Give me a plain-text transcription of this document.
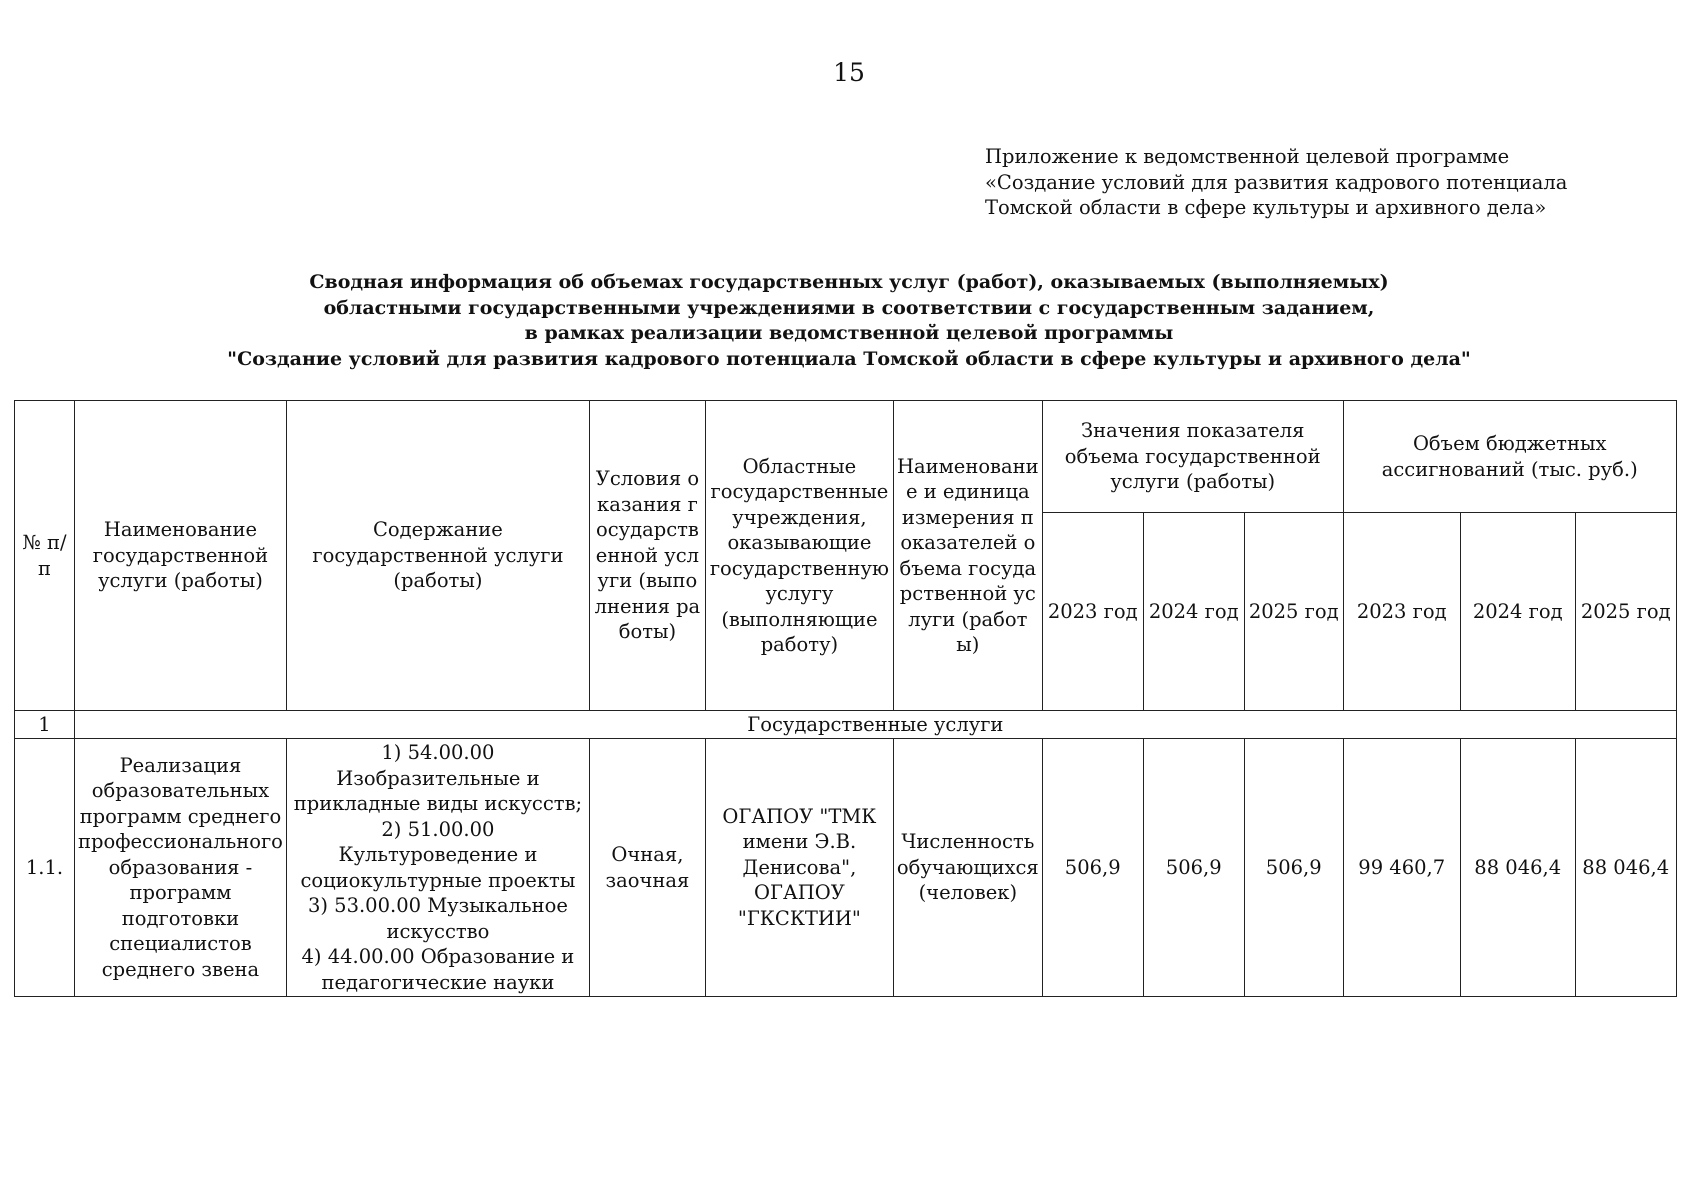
15
Приложение к ведомственной целевой программе
«Создание условий для развития кадрового потенциала
Томской области в сфере культуры и архивного дела»
Сводная информация об объемах государственных услуг (работ), оказываемых (выполняемых)
областными государственными учреждениями в соответствии с государственным заданием,
в рамках реализации ведомственной целевой программы
"Создание условий для развития кадрового потенциала Томской области в сфере культуры и архивного дела"
№ п/п	Наименование государственной услуги (работы)	Содержание государственной услуги (работы)	Условия оказания государственной услуги (выполнения работы)	Областные государственные учреждения, оказывающие государственную услугу (выполняющие работу)	Наименование и единица измерения показателей объема государственной услуги (работы)	Значения показателя объема государственной услуги (работы)			Объем бюджетных ассигнований (тыс. руб.)		
						2023 год	2024 год	2025 год	2023 год	2024 год	2025 год
1	Государственные услуги										
1.1.	Реализация образовательных программ среднего профессионального образования - программ подготовки специалистов среднего звена	1) 54.00.00 Изобразительные и прикладные виды искусств;
2) 51.00.00 Культуроведение и социокультурные проекты
3) 53.00.00 Музыкальное искусство
4) 44.00.00 Образование и педагогические науки	Очная, заочная	ОГАПОУ "ТМК имени Э.В. Денисова", ОГАПОУ "ГКСКТИИ"	Численность обучающихся (человек)	506,9	506,9	506,9	99 460,7	88 046,4	88 046,4
